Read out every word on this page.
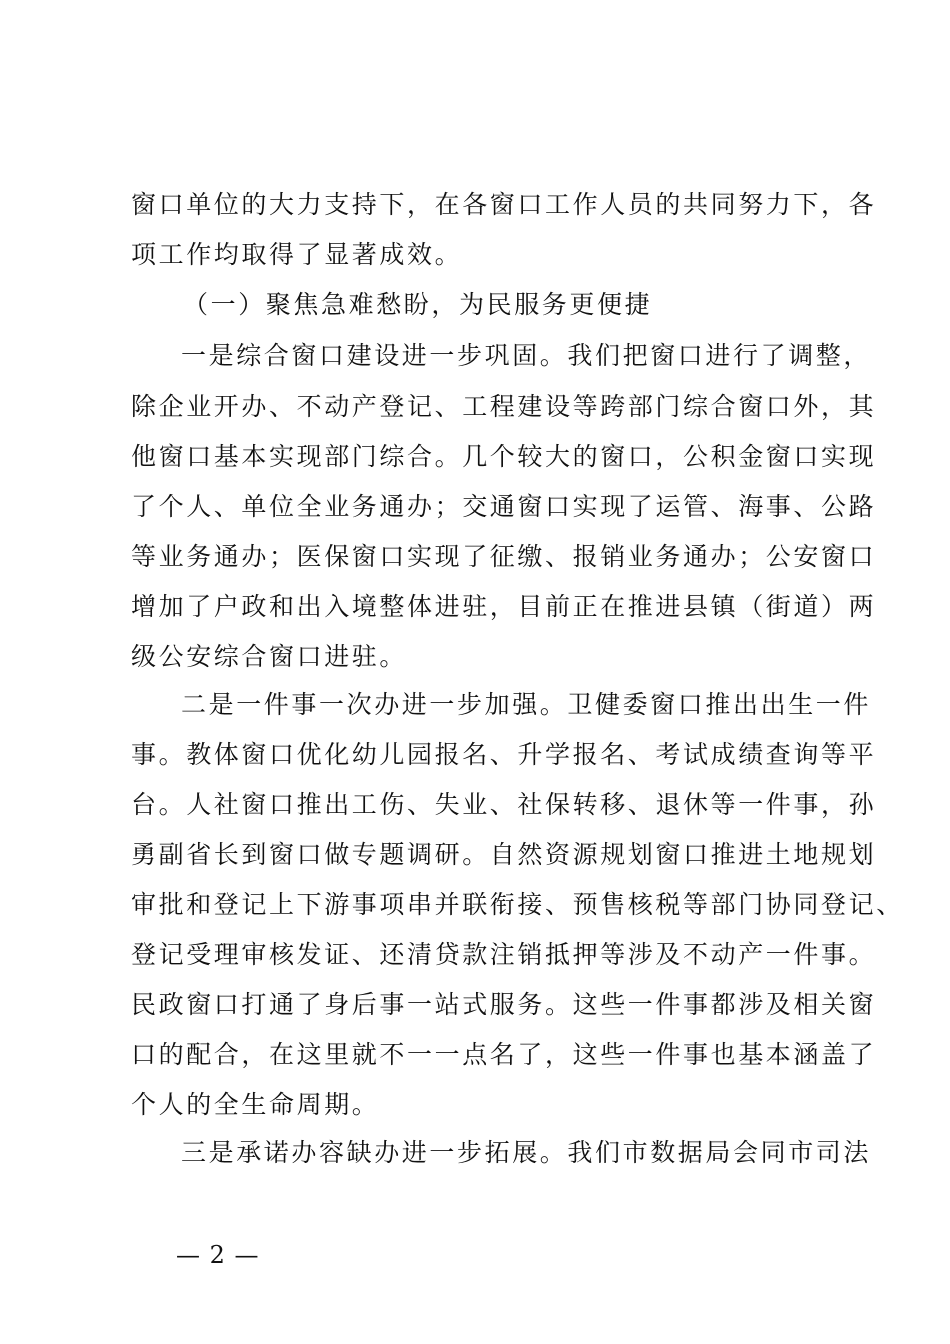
窗口单位的大力支持下，在各窗口工作人员的共同努力下，各
项工作均取得了显著成效。
（一）聚焦急难愁盼，为民服务更便捷
一是综合窗口建设进一步巩固。我们把窗口进行了调整，
除企业开办、不动产登记、工程建设等跨部门综合窗口外，其
他窗口基本实现部门综合。几个较大的窗口，公积金窗口实现
了个人、单位全业务通办；交通窗口实现了运管、海事、公路
等业务通办；医保窗口实现了征缴、报销业务通办；公安窗口
增加了户政和出入境整体进驻，目前正在推进县镇（街道）两
级公安综合窗口进驻。
二是一件事一次办进一步加强。卫健委窗口推出出生一件
事。教体窗口优化幼儿园报名、升学报名、考试成绩查询等平
台。人社窗口推出工伤、失业、社保转移、退休等一件事，孙
勇副省长到窗口做专题调研。自然资源规划窗口推进土地规划
审批和登记上下游事项串并联衔接、预售核税等部门协同登记、
登记受理审核发证、还清贷款注销抵押等涉及不动产一件事。
民政窗口打通了身后事一站式服务。这些一件事都涉及相关窗
口的配合，在这里就不一一点名了，这些一件事也基本涵盖了
个人的全生命周期。
三是承诺办容缺办进一步拓展。我们市数据局会同市司法
— 2 —
